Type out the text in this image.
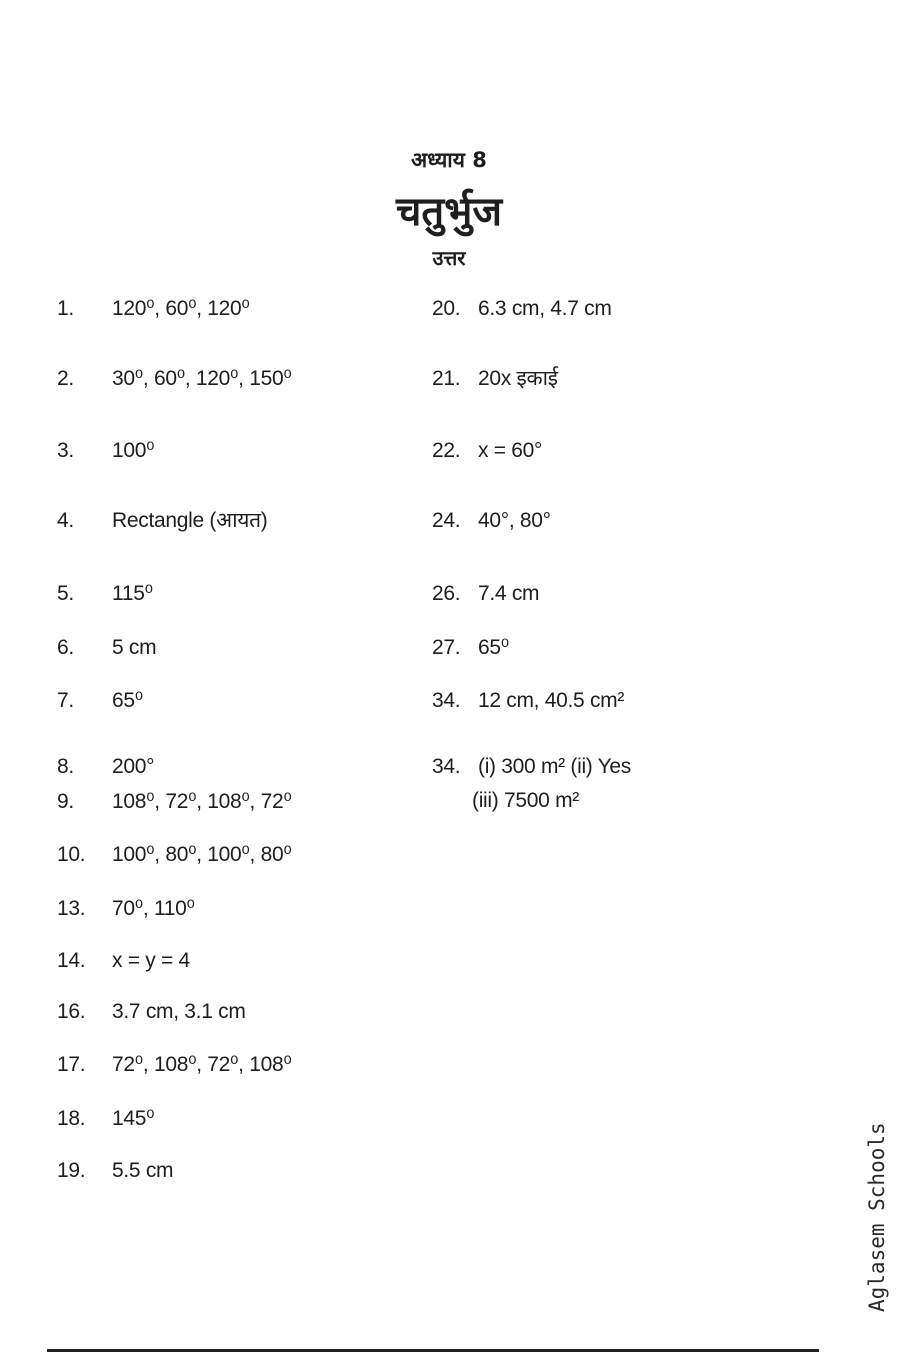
अध्याय 8
चतुर्भुज
उत्तर
1. 120⁰, 60⁰, 120⁰
2. 30⁰, 60⁰, 120⁰, 150⁰
3. 100⁰
4. Rectangle (आयत)
5. 115⁰
6. 5 cm
7. 65⁰
8. 200°
9. 108⁰, 72⁰, 108⁰, 72⁰
10. 100⁰, 80⁰, 100⁰, 80⁰
13. 70⁰, 110⁰
14. x = y = 4
16. 3.7 cm, 3.1 cm
17. 72⁰, 108⁰, 72⁰, 108⁰
18. 145⁰
19. 5.5 cm
20. 6.3 cm, 4.7 cm
21. 20x इकाई
22. x = 60°
24. 40°, 80°
26. 7.4 cm
27. 65⁰
34. 12 cm, 40.5 cm²
34. (i) 300 m² (ii) Yes
(iii) 7500 m²
Aglasem Schools
